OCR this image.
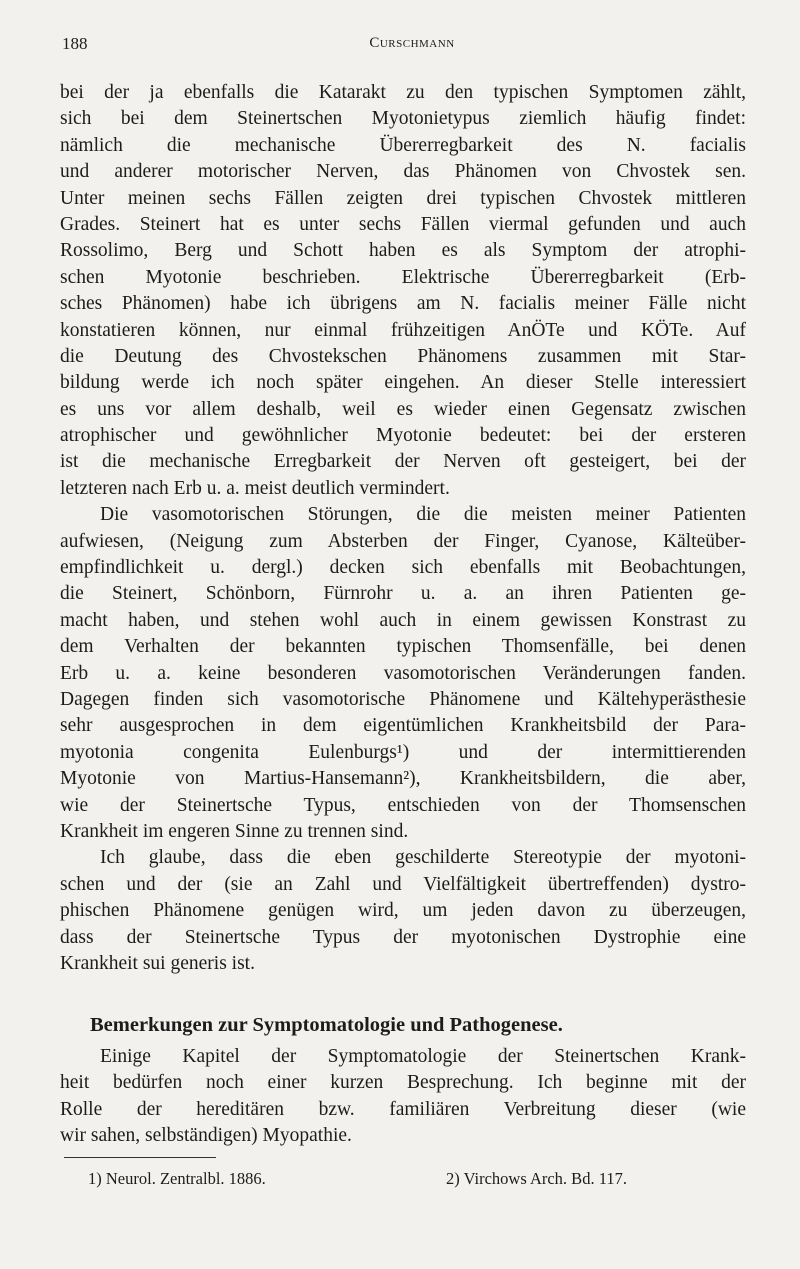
188	Curschmann
bei der ja ebenfalls die Katarakt zu den typischen Symptomen zählt,
sich bei dem Steinertschen Myotonietypus ziemlich häufig findet:
nämlich die mechanische Übererregbarkeit des N. facialis
und anderer motorischer Nerven, das Phänomen von Chvostek sen.
Unter meinen sechs Fällen zeigten drei typischen Chvostek mittleren
Grades. Steinert hat es unter sechs Fällen viermal gefunden und auch
Rossolimo, Berg und Schott haben es als Symptom der atrophi-
schen Myotonie beschrieben. Elektrische Übererregbarkeit (Erb-
sches Phänomen) habe ich übrigens am N. facialis meiner Fälle nicht
konstatieren können, nur einmal frühzeitigen AnÖTe und KÖTe. Auf
die Deutung des Chvostekschen Phänomens zusammen mit Star-
bildung werde ich noch später eingehen. An dieser Stelle interessiert
es uns vor allem deshalb, weil es wieder einen Gegensatz zwischen
atrophischer und gewöhnlicher Myotonie bedeutet: bei der ersteren
ist die mechanische Erregbarkeit der Nerven oft gesteigert, bei der
letzteren nach Erb u. a. meist deutlich vermindert.
Die vasomotorischen Störungen, die die meisten meiner Patienten
aufwiesen, (Neigung zum Absterben der Finger, Cyanose, Kälteüber-
empfindlichkeit u. dergl.) decken sich ebenfalls mit Beobachtungen,
die Steinert, Schönborn, Fürnrohr u. a. an ihren Patienten ge-
macht haben, und stehen wohl auch in einem gewissen Konstrast zu
dem Verhalten der bekannten typischen Thomsenfälle, bei denen
Erb u. a. keine besonderen vasomotorischen Veränderungen fanden.
Dagegen finden sich vasomotorische Phänomene und Kältehyperästhesie
sehr ausgesprochen in dem eigentümlichen Krankheitsbild der Para-
myotonia congenita Eulenburgs¹) und der intermittierenden
Myotonie von Martius-Hansemann²), Krankheitsbildern, die aber,
wie der Steinertsche Typus, entschieden von der Thomsenschen
Krankheit im engeren Sinne zu trennen sind.
Ich glaube, dass die eben geschilderte Stereotypie der myotoni-
schen und der (sie an Zahl und Vielfältigkeit übertreffenden) dystro-
phischen Phänomene genügen wird, um jeden davon zu überzeugen,
dass der Steinertsche Typus der myotonischen Dystrophie eine
Krankheit sui generis ist.
Bemerkungen zur Symptomatologie und Pathogenese.
Einige Kapitel der Symptomatologie der Steinertschen Krank-
heit bedürfen noch einer kurzen Besprechung. Ich beginne mit der
Rolle der hereditären bzw. familiären Verbreitung dieser (wie
wir sahen, selbständigen) Myopathie.
1) Neurol. Zentralbl. 1886.	2) Virchows Arch. Bd. 117.
